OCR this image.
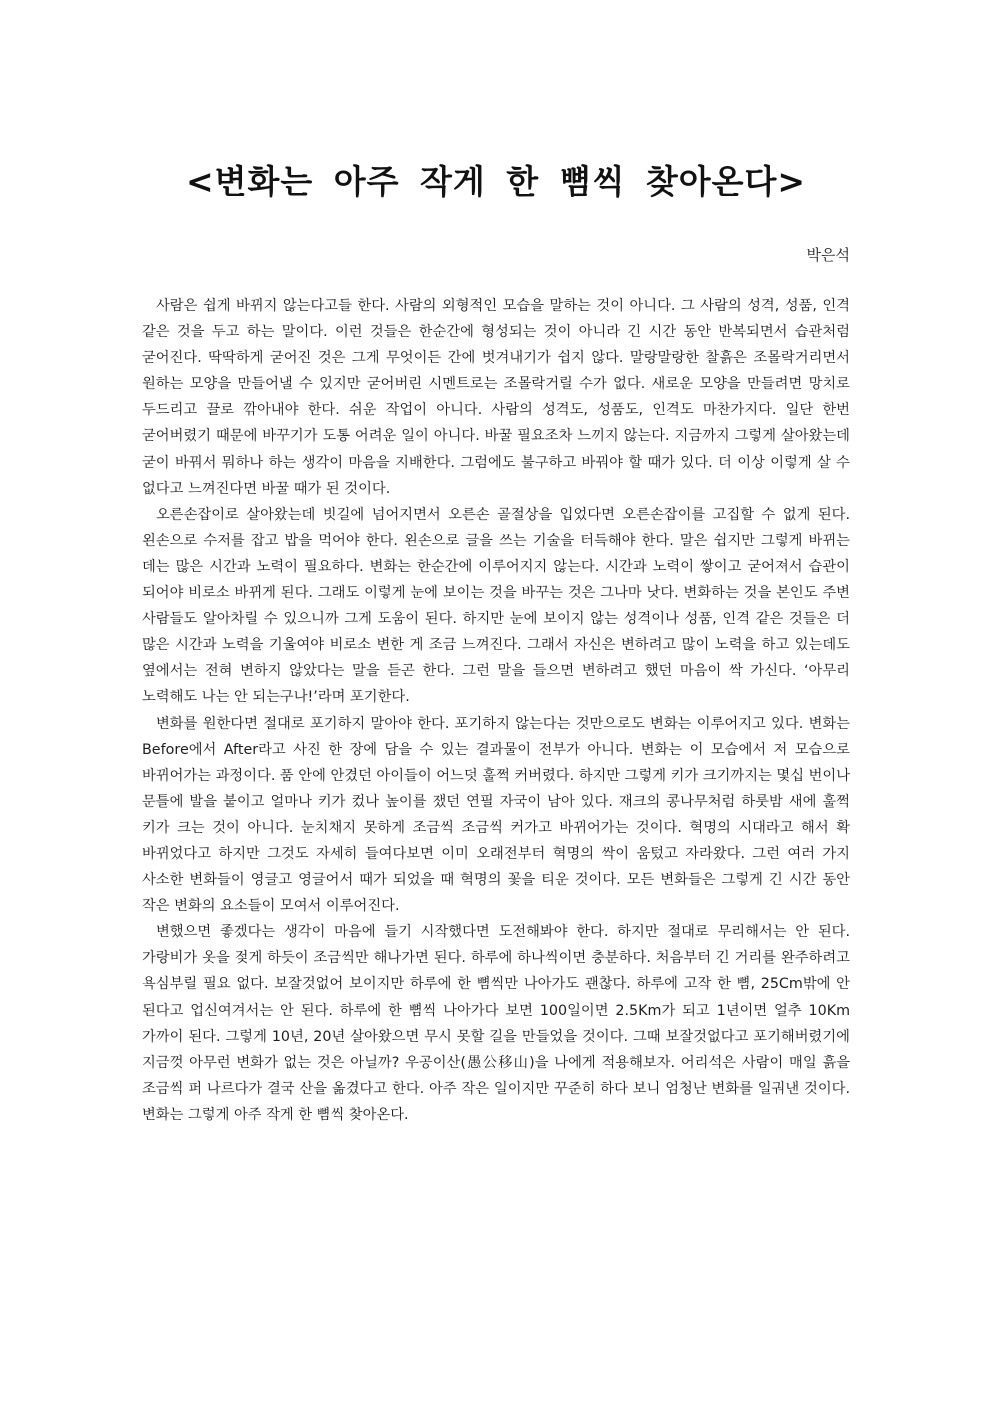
<변화는 아주 작게 한 뼘씩 찾아온다>
박은석

사람은 쉽게 바뀌지 않는다고들 한다. 사람의 외형적인 모습을 말하는 것이 아니다. 그 사람의 성격, 성품, 인격 같은 것을 두고 하는 말이다. 이런 것들은 한순간에 형성되는 것이 아니라 긴 시간 동안 반복되면서 습관처럼 굳어진다. 딱딱하게 굳어진 것은 그게 무엇이든 간에 벗겨내기가 쉽지 않다. 말랑말랑한 찰흙은 조몰락거리면서 원하는 모양을 만들어낼 수 있지만 굳어버린 시멘트로는 조몰락거릴 수가 없다. 새로운 모양을 만들려면 망치로 두드리고 끌로 깎아내야 한다. 쉬운 작업이 아니다. 사람의 성격도, 성품도, 인격도 마찬가지다. 일단 한번 굳어버렸기 때문에 바꾸기가 도통 어려운 일이 아니다. 바꿀 필요조차 느끼지 않는다. 지금까지 그렇게 살아왔는데 굳이 바꿔서 뭐하나 하는 생각이 마음을 지배한다. 그럼에도 불구하고 바꿔야 할 때가 있다. 더 이상 이렇게 살 수 없다고 느껴진다면 바꿀 때가 된 것이다.

오른손잡이로 살아왔는데 빗길에 넘어지면서 오른손 골절상을 입었다면 오른손잡이를 고집할 수 없게 된다. 왼손으로 수저를 잡고 밥을 먹어야 한다. 왼손으로 글을 쓰는 기술을 터득해야 한다. 말은 쉽지만 그렇게 바뀌는 데는 많은 시간과 노력이 필요하다. 변화는 한순간에 이루어지지 않는다. 시간과 노력이 쌓이고 굳어져서 습관이 되어야 비로소 바뀌게 된다. 그래도 이렇게 눈에 보이는 것을 바꾸는 것은 그나마 낫다. 변화하는 것을 본인도 주변 사람들도 알아차릴 수 있으니까 그게 도움이 된다. 하지만 눈에 보이지 않는 성격이나 성품, 인격 같은 것들은 더 많은 시간과 노력을 기울여야 비로소 변한 게 조금 느껴진다. 그래서 자신은 변하려고 많이 노력을 하고 있는데도 옆에서는 전혀 변하지 않았다는 말을 듣곤 한다. 그런 말을 들으면 변하려고 했던 마음이 싹 가신다. ‘아무리 노력해도 나는 안 되는구나!’라며 포기한다.

변화를 원한다면 절대로 포기하지 말아야 한다. 포기하지 않는다는 것만으로도 변화는 이루어지고 있다. 변화는 Before에서 After라고 사진 한 장에 담을 수 있는 결과물이 전부가 아니다. 변화는 이 모습에서 저 모습으로 바뀌어가는 과정이다. 품 안에 안겼던 아이들이 어느덧 훌쩍 커버렸다. 하지만 그렇게 키가 크기까지는 몇십 번이나 문틀에 발을 붙이고 얼마나 키가 컸나 높이를 쟀던 연필 자국이 남아 있다. 재크의 콩나무처럼 하룻밤 새에 훌쩍 키가 크는 것이 아니다. 눈치채지 못하게 조금씩 조금씩 커가고 바뀌어가는 것이다. 혁명의 시대라고 해서 확 바뀌었다고 하지만 그것도 자세히 들여다보면 이미 오래전부터 혁명의 싹이 움텄고 자라왔다. 그런 여러 가지 사소한 변화들이 영글고 영글어서 때가 되었을 때 혁명의 꽃을 티운 것이다. 모든 변화들은 그렇게 긴 시간 동안 작은 변화의 요소들이 모여서 이루어진다.

변했으면 좋겠다는 생각이 마음에 들기 시작했다면 도전해봐야 한다. 하지만 절대로 무리해서는 안 된다. 가랑비가 옷을 젖게 하듯이 조금씩만 해나가면 된다. 하루에 하나씩이면 충분하다. 처음부터 긴 거리를 완주하려고 욕심부릴 필요 없다. 보잘것없어 보이지만 하루에 한 뼘씩만 나아가도 괜찮다. 하루에 고작 한 뼘, 25Cm밖에 안 된다고 업신여겨서는 안 된다. 하루에 한 뼘씩 나아가다 보면 100일이면 2.5Km가 되고 1년이면 얼추 10Km 가까이 된다. 그렇게 10년, 20년 살아왔으면 무시 못할 길을 만들었을 것이다. 그때 보잘것없다고 포기해버렸기에 지금껏 아무런 변화가 없는 것은 아닐까? 우공이산(愚公移山)을 나에게 적용해보자. 어리석은 사람이 매일 흙을 조금씩 퍼 나르다가 결국 산을 옮겼다고 한다. 아주 작은 일이지만 꾸준히 하다 보니 엄청난 변화를 일궈낸 것이다. 변화는 그렇게 아주 작게 한 뼘씩 찾아온다.
